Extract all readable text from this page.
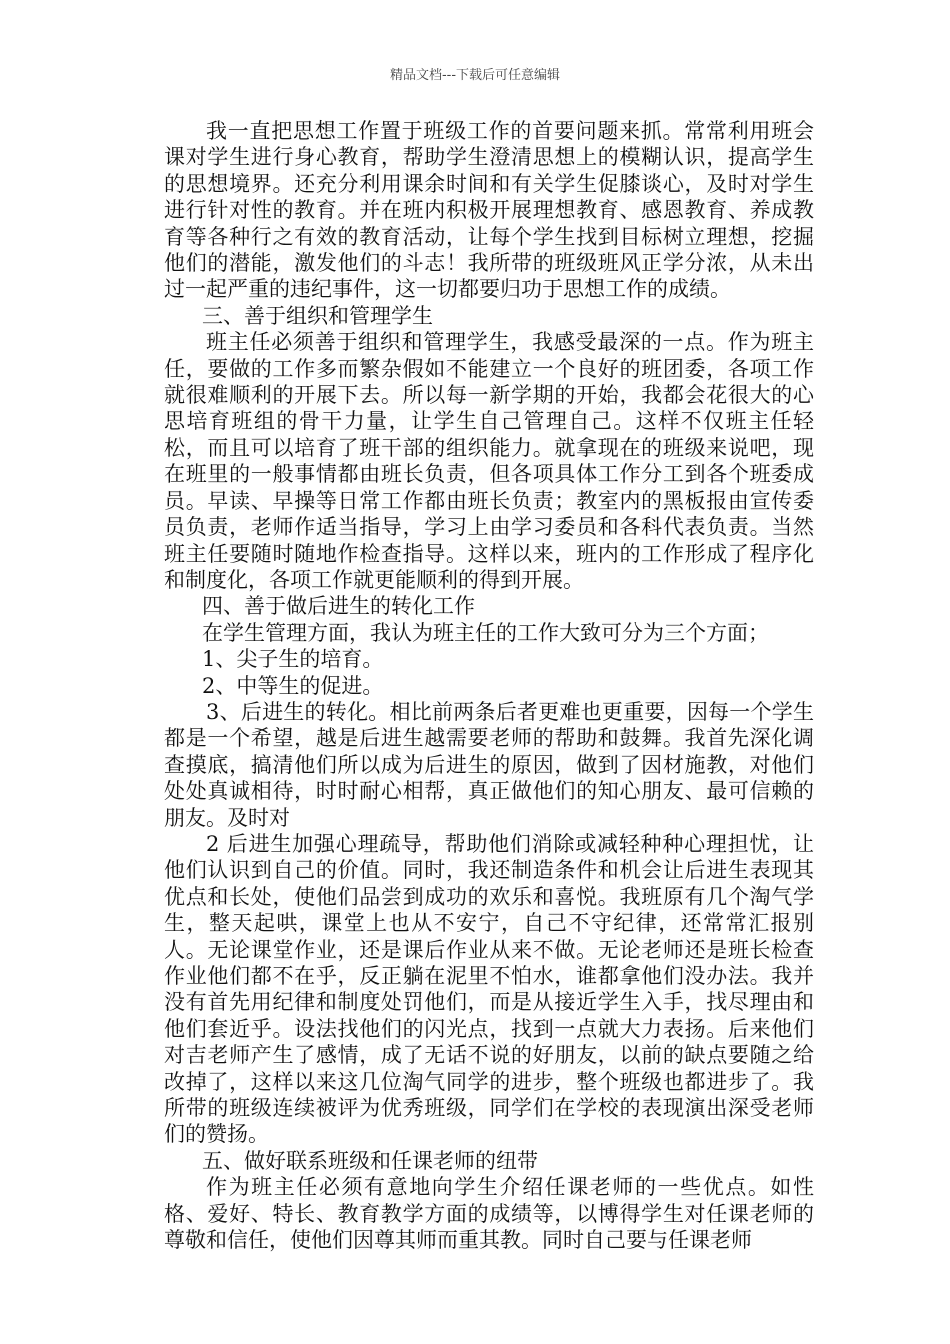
精品文档---下载后可任意编辑

我一直把思想工作置于班级工作的首要问题来抓。常常利用班会课对学生进行身心教育，帮助学生澄清思想上的模糊认识，提高学生的思想境界。还充分利用课余时间和有关学生促膝谈心，及时对学生进行针对性的教育。并在班内积极开展理想教育、感恩教育、养成教育等各种行之有效的教育活动，让每个学生找到目标树立理想，挖掘他们的潜能，激发他们的斗志！我所带的班级班风正学分浓，从未出过一起严重的违纪事件，这一切都要归功于思想工作的成绩。

三、善于组织和管理学生

班主任必须善于组织和管理学生，我感受最深的一点。作为班主任，要做的工作多而繁杂假如不能建立一个良好的班团委，各项工作就很难顺利的开展下去。所以每一新学期的开始，我都会花很大的心思培育班组的骨干力量，让学生自己管理自己。这样不仅班主任轻松，而且可以培育了班干部的组织能力。就拿现在的班级来说吧，现在班里的一般事情都由班长负责，但各项具体工作分工到各个班委成员。早读、早操等日常工作都由班长负责；教室内的黑板报由宣传委员负责，老师作适当指导，学习上由学习委员和各科代表负责。当然班主任要随时随地作检查指导。这样以来，班内的工作形成了程序化和制度化，各项工作就更能顺利的得到开展。

四、善于做后进生的转化工作

在学生管理方面，我认为班主任的工作大致可分为三个方面；

1、尖子生的培育。

2、中等生的促进。

3、后进生的转化。相比前两条后者更难也更重要，因每一个学生都是一个希望，越是后进生越需要老师的帮助和鼓舞。我首先深化调查摸底，搞清他们所以成为后进生的原因，做到了因材施教，对他们处处真诚相待，时时耐心相帮，真正做他们的知心朋友、最可信赖的朋友。及时对

2 后进生加强心理疏导，帮助他们消除或减轻种种心理担忧，让他们认识到自己的价值。同时，我还制造条件和机会让后进生表现其优点和长处，使他们品尝到成功的欢乐和喜悦。我班原有几个淘气学生，整天起哄，课堂上也从不安宁，自己不守纪律，还常常汇报别人。无论课堂作业，还是课后作业从来不做。无论老师还是班长检查作业他们都不在乎，反正躺在泥里不怕水，谁都拿他们没办法。我并没有首先用纪律和制度处罚他们，而是从接近学生入手，找尽理由和他们套近乎。设法找他们的闪光点，找到一点就大力表扬。后来他们对吉老师产生了感情，成了无话不说的好朋友，以前的缺点要随之给改掉了，这样以来这几位淘气同学的进步，整个班级也都进步了。我所带的班级连续被评为优秀班级，同学们在学校的表现演出深受老师们的赞扬。

五、做好联系班级和任课老师的纽带

作为班主任必须有意地向学生介绍任课老师的一些优点。如性格、爱好、特长、教育教学方面的成绩等，以博得学生对任课老师的尊敬和信任，使他们因尊其师而重其教。同时自己要与任课老师
